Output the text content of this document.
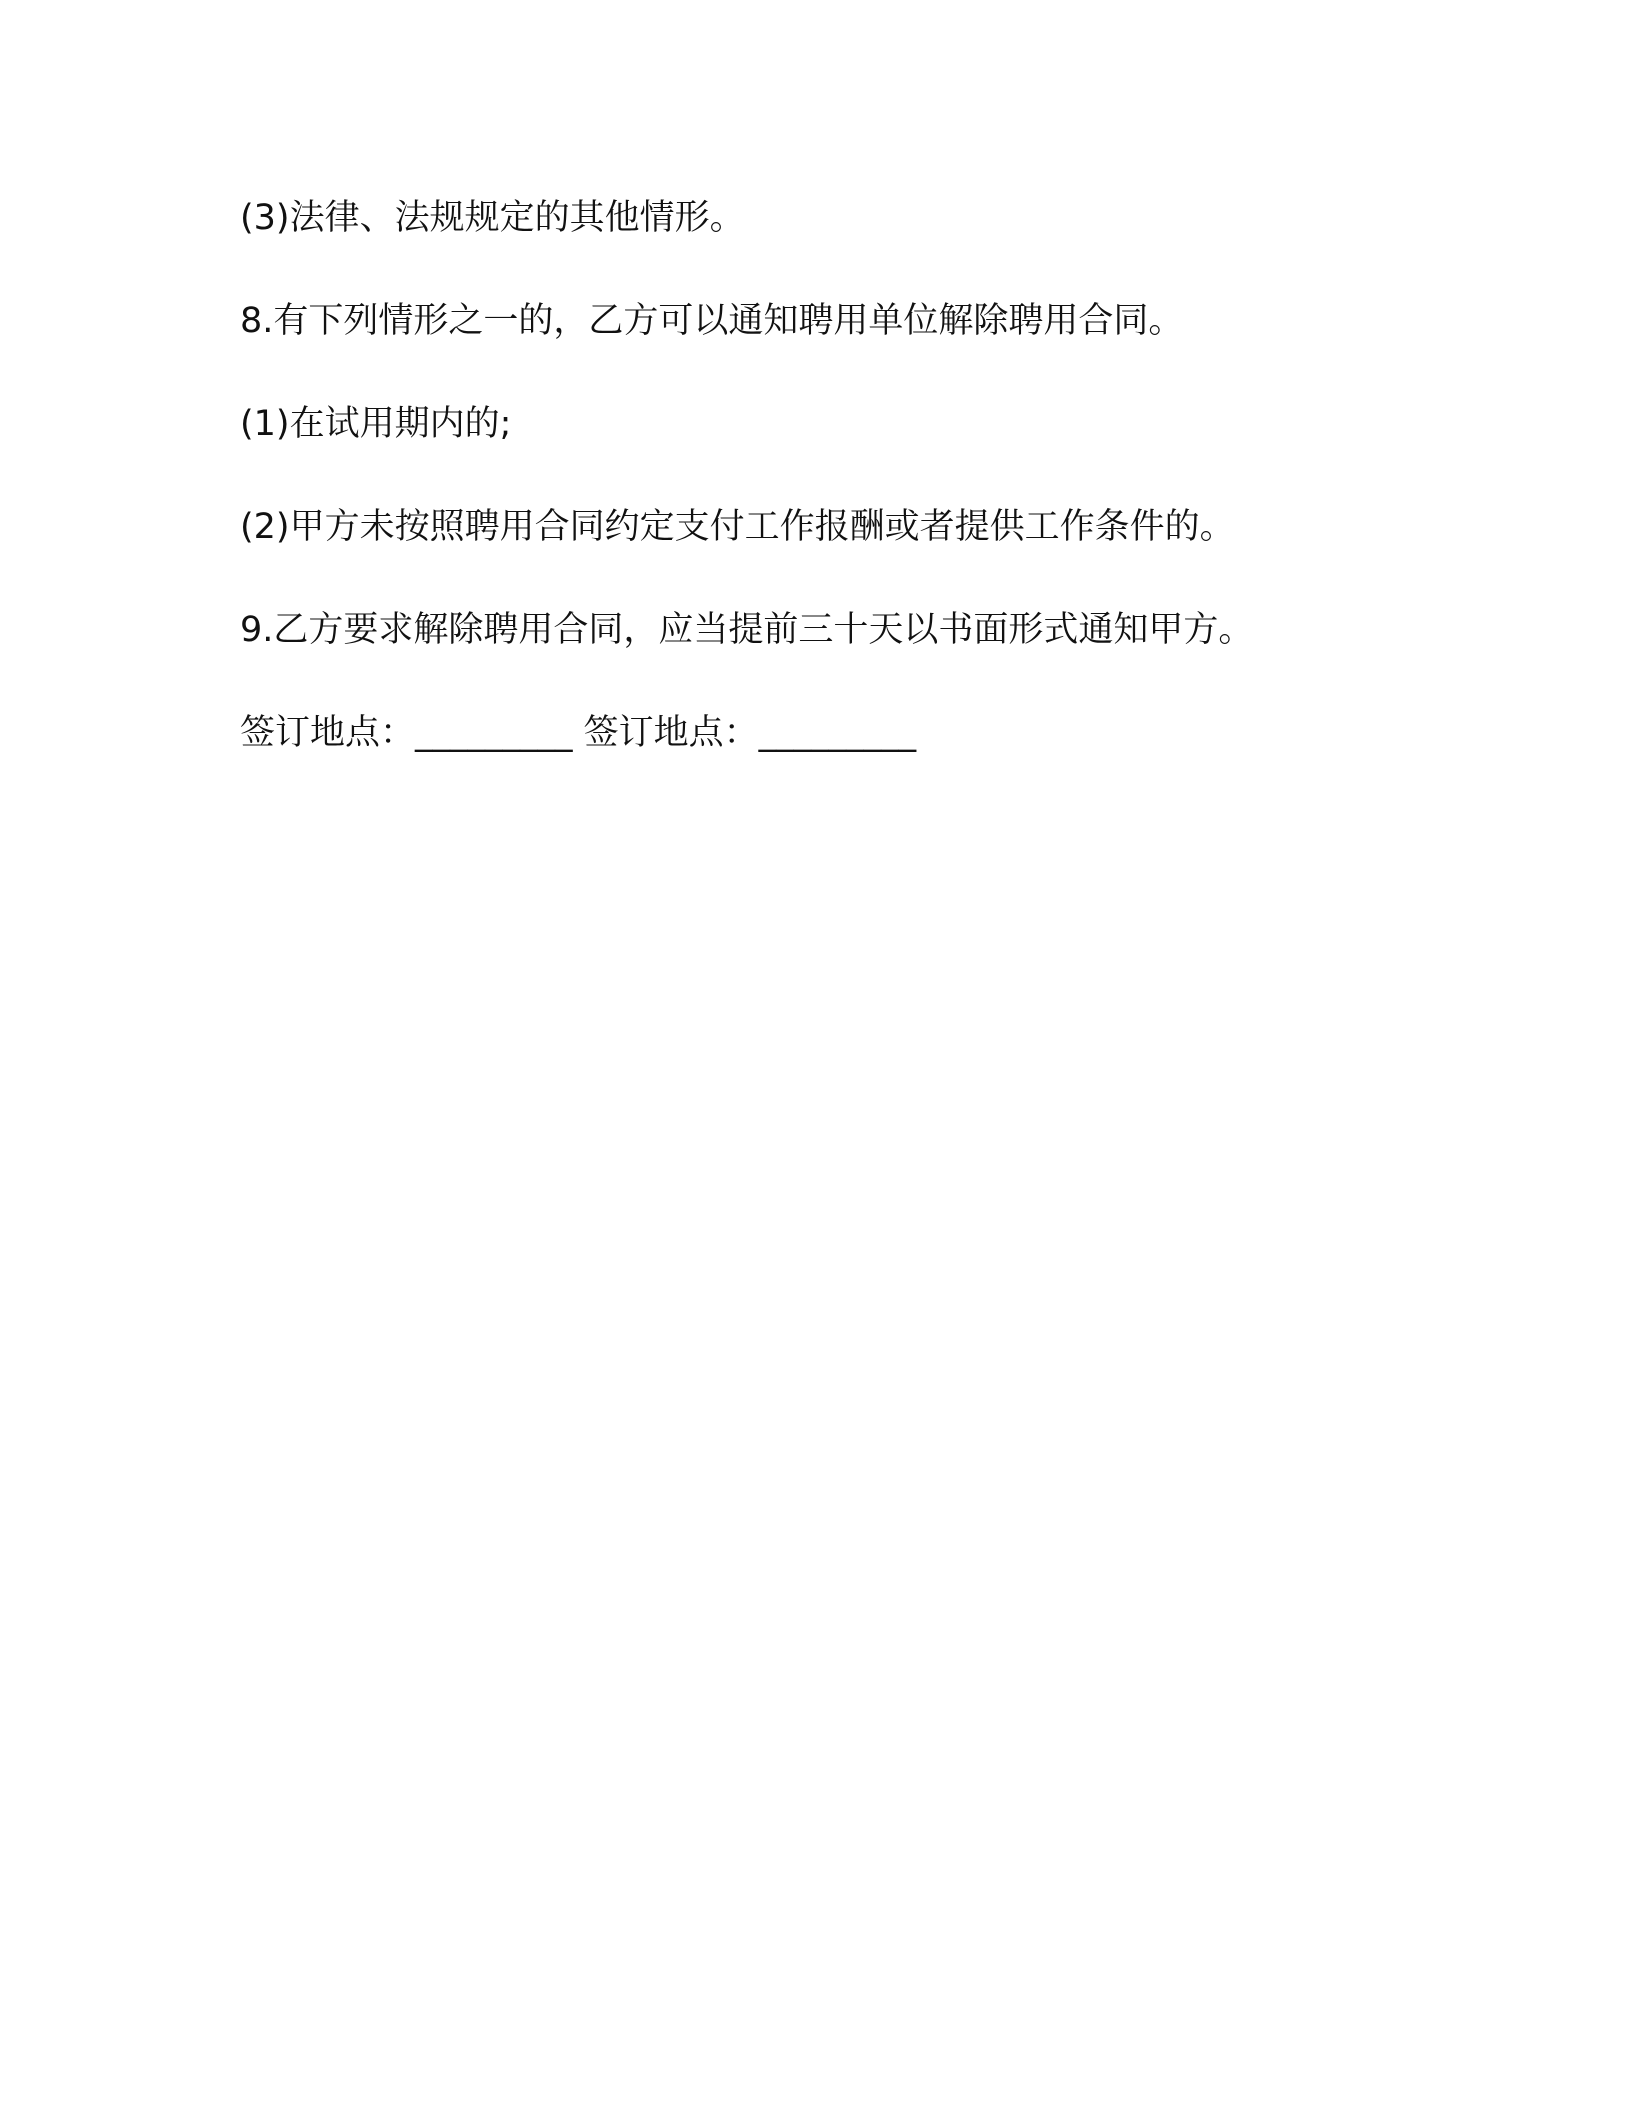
(3)法律、法规规定的其他情形。

8.有下列情形之一的，乙方可以通知聘用单位解除聘用合同。

(1)在试用期内的;

(2)甲方未按照聘用合同约定支付工作报酬或者提供工作条件的。

9.乙方要求解除聘用合同，应当提前三十天以书面形式通知甲方。

签订地点：_________ 签订地点：_________
